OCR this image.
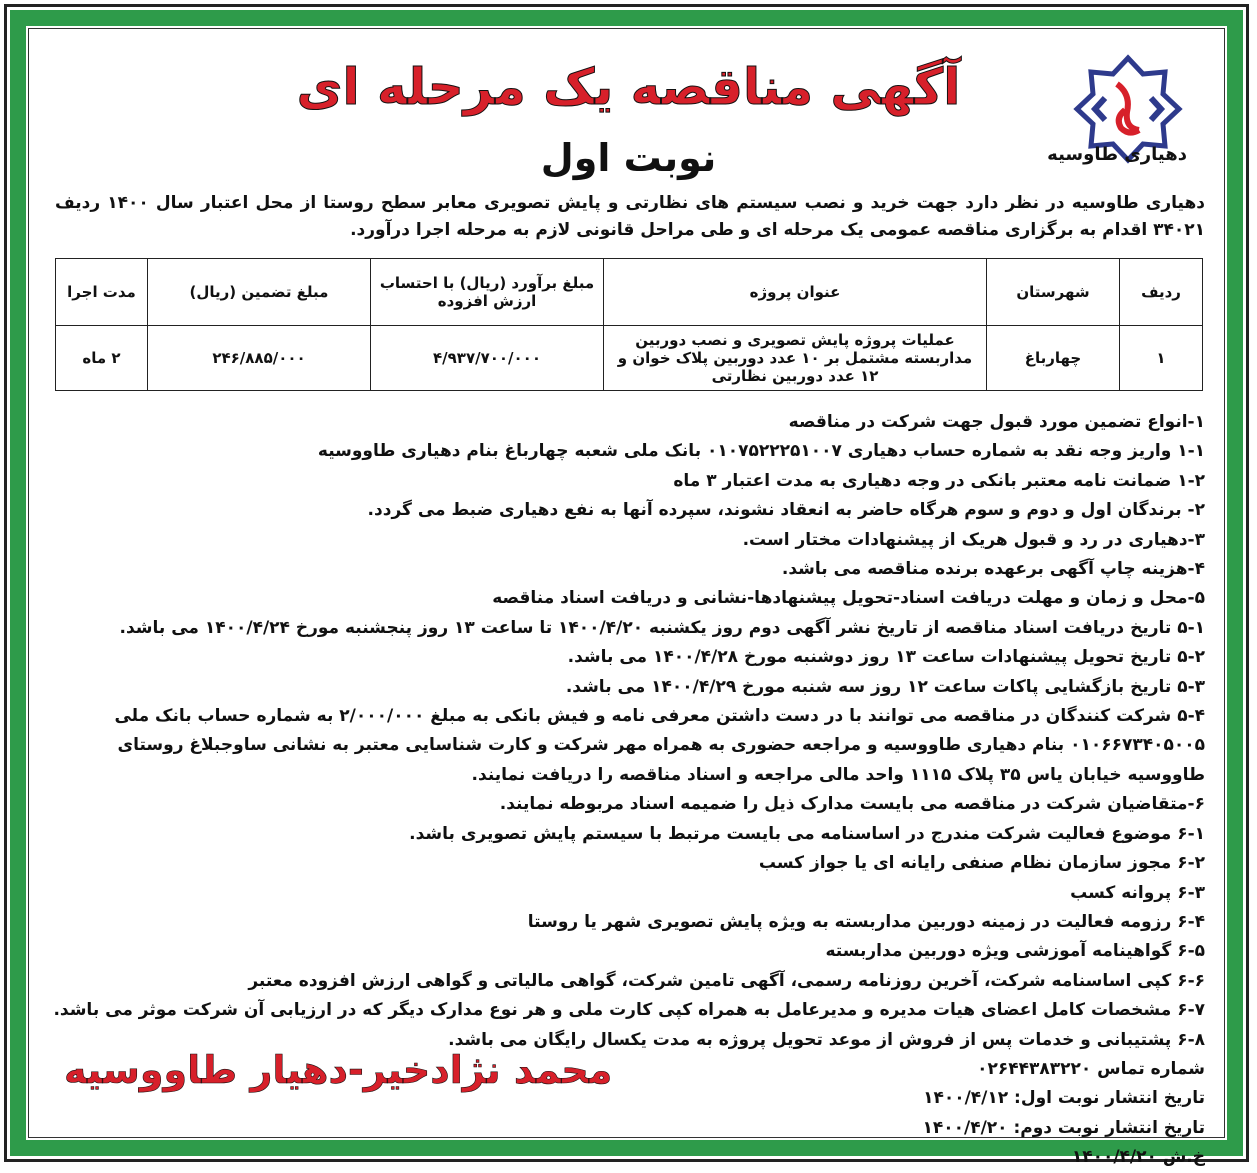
دهیاری طاوسیه
آگهی مناقصه یک مرحله ای
نوبت اول
دهیاری طاوسیه در نظر دارد جهت خرید و نصب سیستم های نظارتی و پایش تصویری معابر سطح روستا از محل اعتبار سال ۱۴۰۰ ردیف ۳۴۰۲۱ اقدام به برگزاری مناقصه عمومی یک مرحله ای و طی مراحل قانونی لازم به مرحله اجرا درآورد.
ردیف	شهرستان	عنوان پروژه	مبلغ برآورد (ریال) با احتساب ارزش افزوده	مبلغ تضمین (ریال)	مدت اجرا
۱	چهارباغ	عملیات پروژه پایش تصویری و نصب دوربین مداربسته مشتمل بر ۱۰ عدد دوربین پلاک خوان و ۱۲ عدد دوربین نظارتی	۴/۹۳۷/۷۰۰/۰۰۰	۲۴۶/۸۸۵/۰۰۰	۲ ماه
۱-انواع تضمین مورد قبول جهت شرکت در مناقصه
۱-۱ واریز وجه نقد به شماره حساب دهیاری ۰۱۰۷۵۲۲۲۵۱۰۰۷ بانک ملی شعبه چهارباغ بنام دهیاری طاووسیه
۱-۲ ضمانت نامه معتبر بانکی در وجه دهیاری به مدت اعتبار ۳ ماه
۲- برندگان اول و دوم و سوم هرگاه حاضر به انعقاد نشوند، سپرده آنها به نفع دهیاری ضبط می گردد.
۳-دهیاری در رد و قبول هریک از پیشنهادات مختار است.
۴-هزینه چاپ آگهی برعهده برنده مناقصه می باشد.
۵-محل و زمان و مهلت دریافت اسناد-تحویل پیشنهادها-نشانی و دریافت اسناد مناقصه
۵-۱ تاریخ دریافت اسناد مناقصه از تاریخ نشر آگهی دوم روز یکشنبه ۱۴۰۰/۴/۲۰ تا ساعت ۱۳ روز پنجشنبه مورخ ۱۴۰۰/۴/۲۴ می باشد.
۵-۲ تاریخ تحویل پیشنهادات ساعت ۱۳ روز دوشنبه مورخ ۱۴۰۰/۴/۲۸ می باشد.
۵-۳ تاریخ بازگشایی پاکات ساعت ۱۲ روز سه شنبه مورخ ۱۴۰۰/۴/۲۹ می باشد.
۵-۴ شرکت کنندگان در مناقصه می توانند با در دست داشتن معرفی نامه و فیش بانکی به مبلغ ۲/۰۰۰/۰۰۰ به شماره حساب بانک ملی ۰۱۰۶۶۷۳۴۰۵۰۰۵ بنام دهیاری طاووسیه و مراجعه حضوری به همراه مهر شرکت و کارت شناسایی معتبر به نشانی ساوجبلاغ روستای طاووسیه خیابان یاس ۳۵ پلاک ۱۱۱۵ واحد مالی مراجعه و اسناد مناقصه را دریافت نمایند.
۶-متقاضیان شرکت در مناقصه می بایست مدارک ذیل را ضمیمه اسناد مربوطه نمایند.
۶-۱ موضوع فعالیت شرکت مندرج در اساسنامه می بایست مرتبط با سیستم پایش تصویری باشد.
۶-۲ مجوز سازمان نظام صنفی رایانه ای یا جواز کسب
۶-۳ پروانه کسب
۶-۴ رزومه فعالیت در زمینه دوربین مداربسته به ویژه پایش تصویری شهر یا روستا
۶-۵ گواهینامه آموزشی ویژه دوربین مداربسته
۶-۶ کپی اساسنامه شرکت، آخرین روزنامه رسمی، آگهی تامین شرکت، گواهی مالیاتی و گواهی ارزش افزوده معتبر
۶-۷ مشخصات کامل اعضای هیات مدیره و مدیرعامل به همراه کپی کارت ملی و هر نوع مدارک دیگر که در ارزیابی آن شرکت موثر می باشد.
۶-۸ پشتیبانی و خدمات پس از فروش از موعد تحویل پروژه به مدت یکسال رایگان می باشد.
شماره تماس ۰۲۶۴۴۳۸۳۲۲۰
تاریخ انتشار نوبت اول: ۱۴۰۰/۴/۱۲
تاریخ انتشار نوبت دوم: ۱۴۰۰/۴/۲۰
خ.ش ۱۴۰۰/۴/۲۰
محمد نژادخیر-دهیار طاووسیه
